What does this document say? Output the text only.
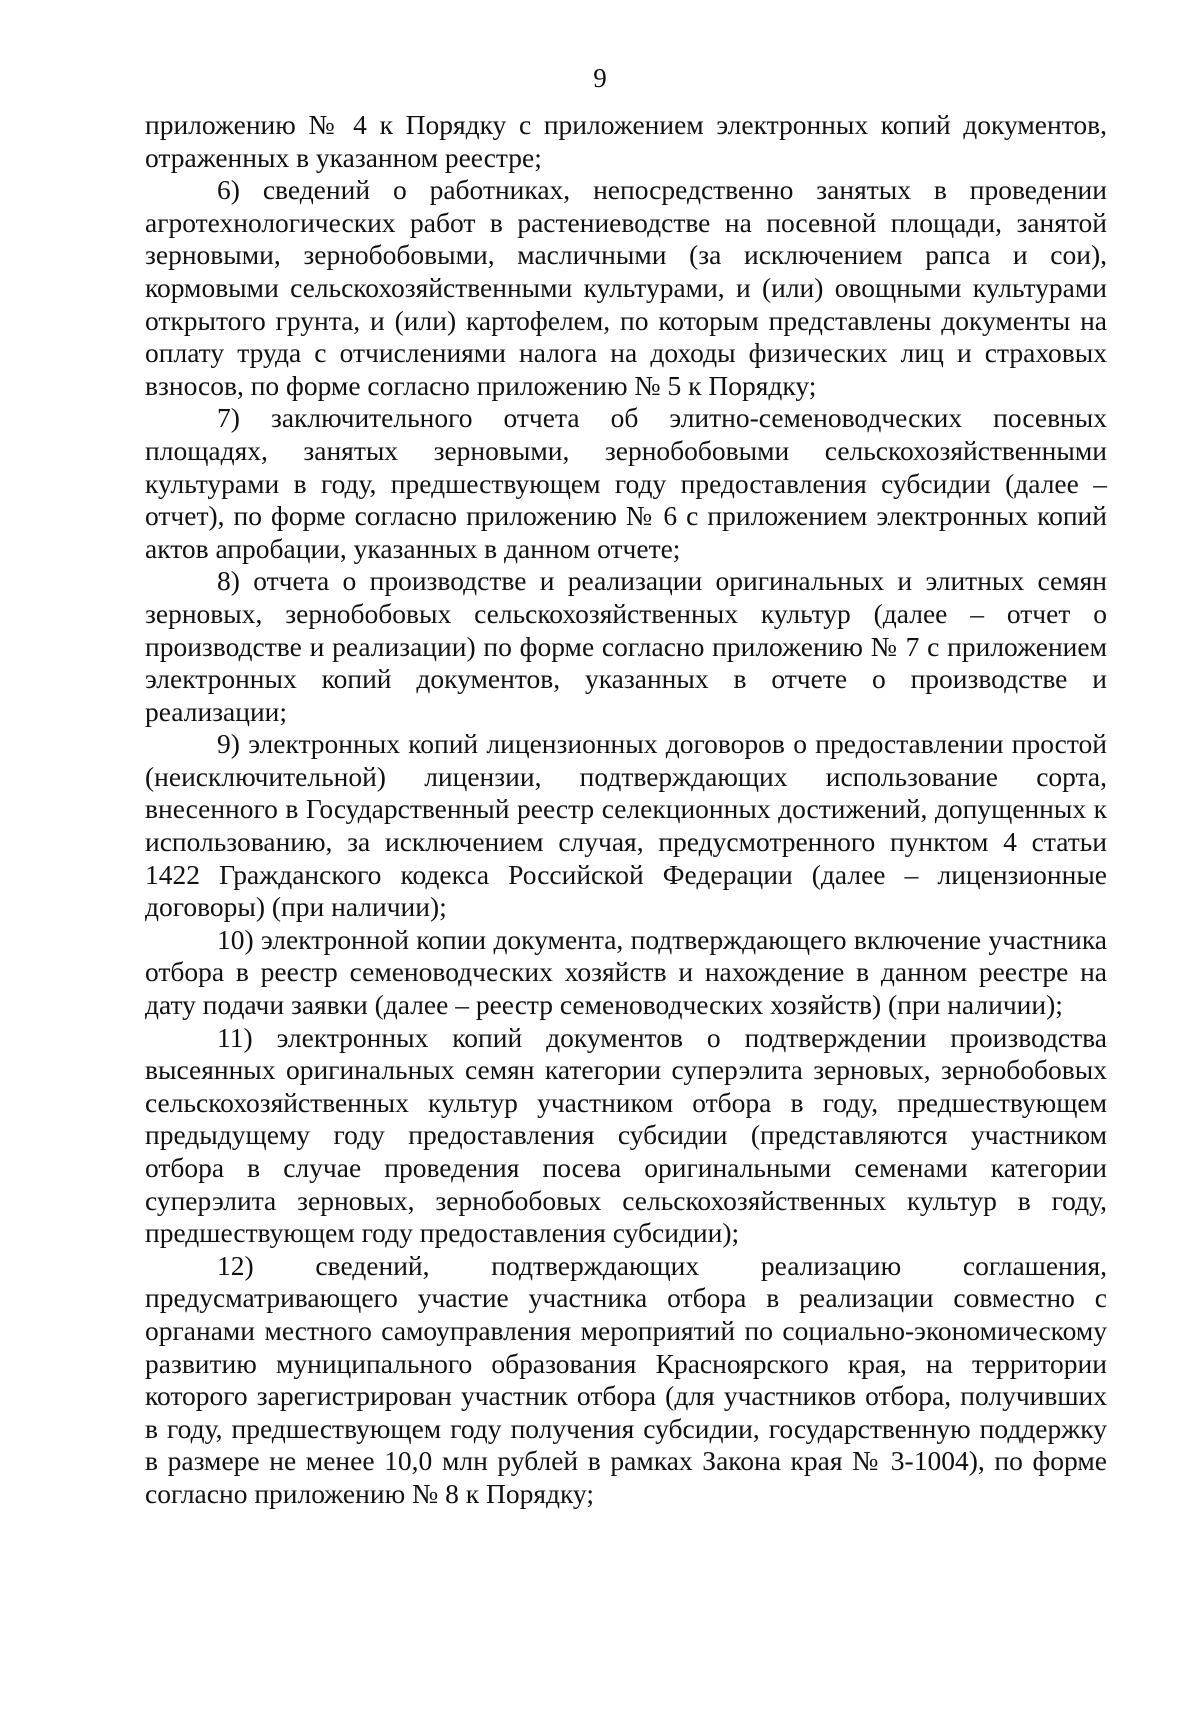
9

приложению № 4 к Порядку с приложением электронных копий документов, отраженных в указанном реестре;

6) сведений о работниках, непосредственно занятых в проведении агротехнологических работ в растениеводстве на посевной площади, занятой зерновыми, зернобобовыми, масличными (за исключением рапса и сои), кормовыми сельскохозяйственными культурами, и (или) овощными культурами открытого грунта, и (или) картофелем, по которым представлены документы на оплату труда с отчислениями налога на доходы физических лиц и страховых взносов, по форме согласно приложению № 5 к Порядку;

7) заключительного отчета об элитно-семеноводческих посевных площадях, занятых зерновыми, зернобобовыми сельскохозяйственными культурами в году, предшествующем году предоставления субсидии (далее – отчет), по форме согласно приложению № 6 с приложением электронных копий актов апробации, указанных в данном отчете;

8) отчета о производстве и реализации оригинальных и элитных семян зерновых, зернобобовых сельскохозяйственных культур (далее – отчет о производстве и реализации) по форме согласно приложению № 7 с приложением электронных копий документов, указанных в отчете о производстве и реализации;

9) электронных копий лицензионных договоров о предоставлении простой (неисключительной) лицензии, подтверждающих использование сорта, внесенного в Государственный реестр селекционных достижений, допущенных к использованию, за исключением случая, предусмотренного пунктом 4 статьи 1422 Гражданского кодекса Российской Федерации (далее – лицензионные договоры) (при наличии);

10) электронной копии документа, подтверждающего включение участника отбора в реестр семеноводческих хозяйств и нахождение в данном реестре на дату подачи заявки (далее – реестр семеноводческих хозяйств) (при наличии);

11) электронных копий документов о подтверждении производства высеянных оригинальных семян категории суперэлита зерновых, зернобобовых сельскохозяйственных культур участником отбора в году, предшествующем предыдущему году предоставления субсидии (представляются участником отбора в случае проведения посева оригинальными семенами категории суперэлита зерновых, зернобобовых сельскохозяйственных культур в году, предшествующем году предоставления субсидии);

12) сведений, подтверждающих реализацию соглашения, предусматривающего участие участника отбора в реализации совместно с органами местного самоуправления мероприятий по социально-экономическому развитию муниципального образования Красноярского края, на территории которого зарегистрирован участник отбора (для участников отбора, получивших в году, предшествующем году получения субсидии, государственную поддержку в размере не менее 10,0 млн рублей в рамках Закона края № 3-1004), по форме согласно приложению № 8 к Порядку;
